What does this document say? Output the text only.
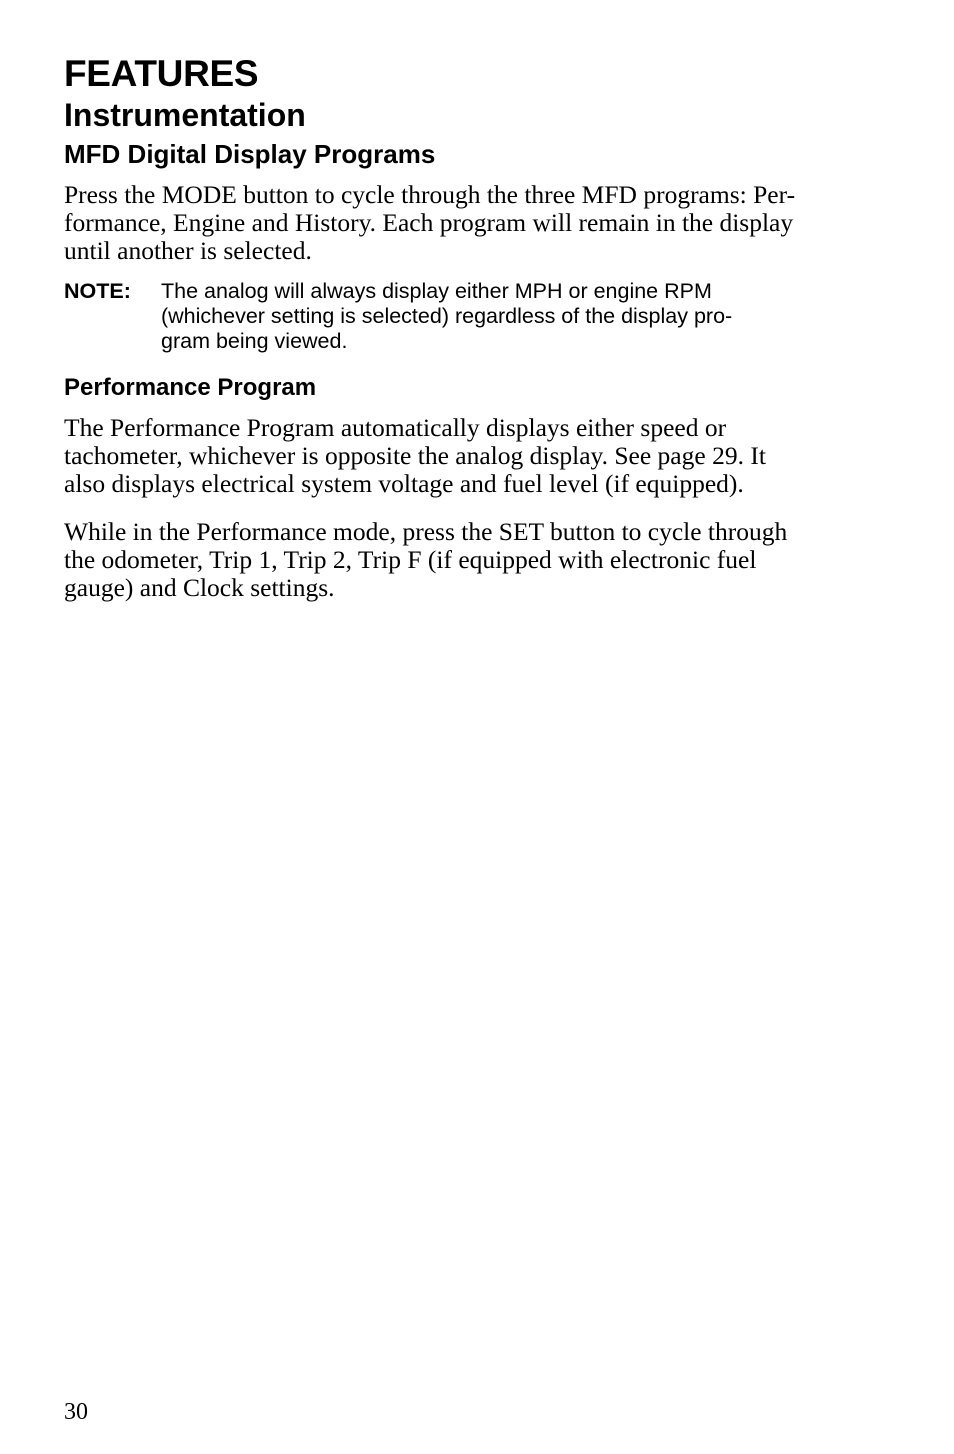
FEATURES
Instrumentation
MFD Digital Display Programs

Press the MODE button to cycle through the three MFD programs: Per-
formance, Engine and History. Each program will remain in the display
until another is selected.

NOTE: The analog will always display either MPH or engine RPM
(whichever setting is selected) regardless of the display pro-
gram being viewed.
Performance Program

The Performance Program automatically displays either speed or
tachometer, whichever is opposite the analog display. See page 29. It
also displays electrical system voltage and fuel level (if equipped).

While in the Performance mode, press the SET button to cycle through
the odometer, Trip 1, Trip 2, Trip F (if equipped with electronic fuel
gauge) and Clock settings.

30
